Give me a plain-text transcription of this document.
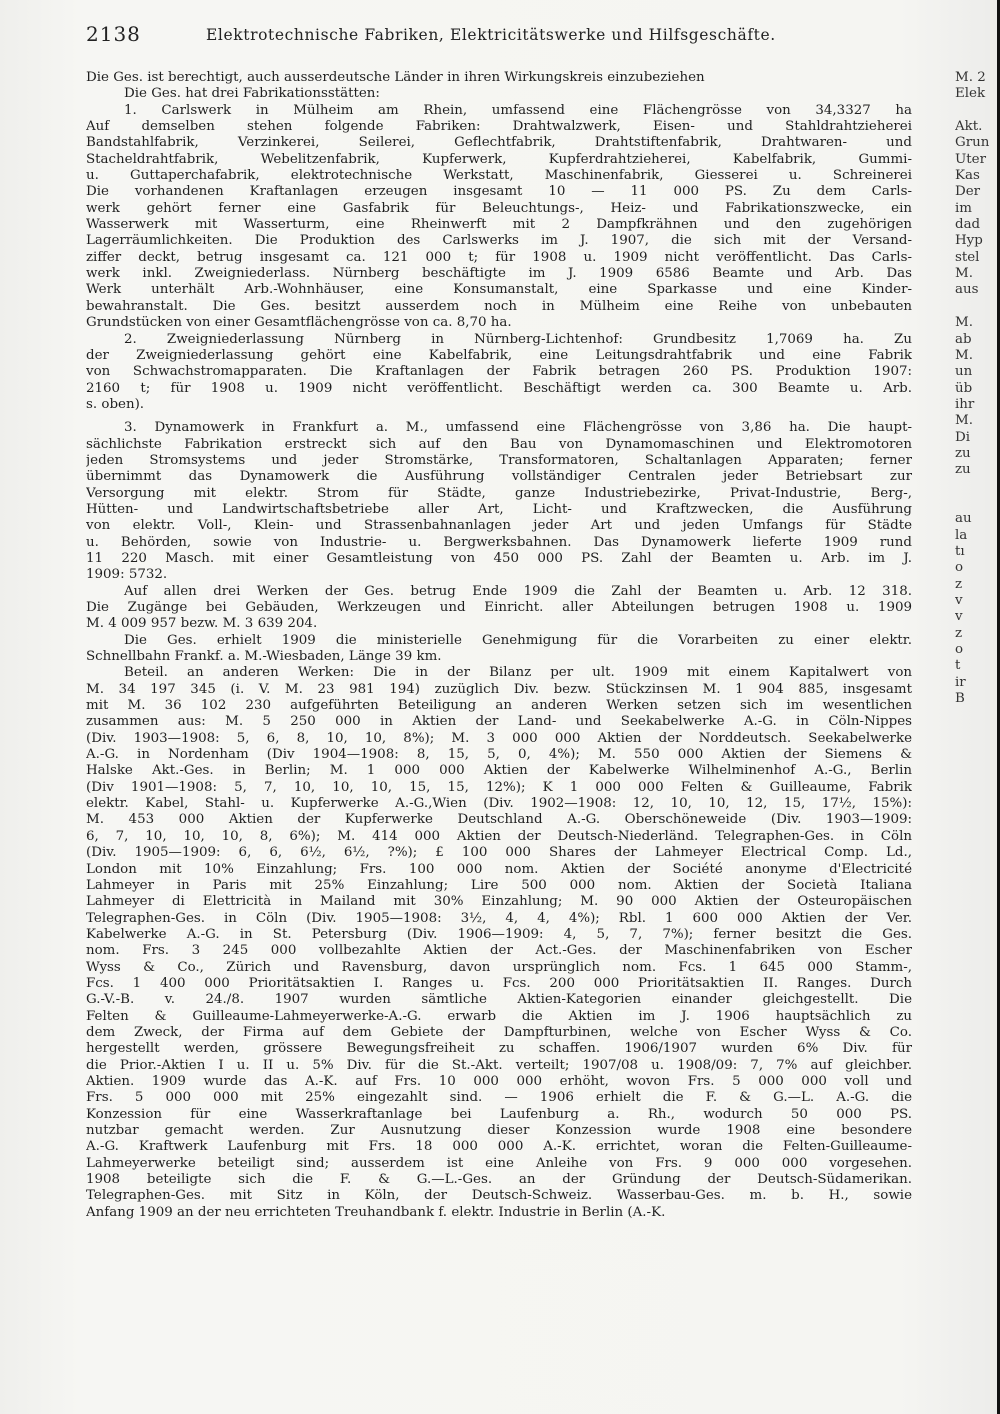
2138	Elektrotechnische Fabriken, Elektricitätswerke und Hilfsgeschäfte.
Die Ges. ist berechtigt, auch ausserdeutsche Länder in ihren Wirkungskreis einzubeziehen
Die Ges. hat drei Fabrikationsstätten:
1. Carlswerk in Mülheim am Rhein, umfassend eine Flächengrösse von 34,3327 ha
Auf demselben stehen folgende Fabriken: Drahtwalzwerk, Eisen- und Stahldrahtzieherei
Bandstahlfabrik, Verzinkerei, Seilerei, Geflechtfabrik, Drahtstiftenfabrik, Drahtwaren- und
Stacheldrahtfabrik, Webelitzenfabrik, Kupferwerk, Kupferdrahtzieherei, Kabelfabrik, Gummi-
u. Guttaperchafabrik, elektrotechnische Werkstatt, Maschinenfabrik, Giesserei u. Schreinerei
Die vorhandenen Kraftanlagen erzeugen insgesamt 10 — 11 000 PS. Zu dem Carls-
werk gehört ferner eine Gasfabrik für Beleuchtungs-, Heiz- und Fabrikationszwecke, ein
Wasserwerk mit Wasserturm, eine Rheinwerft mit 2 Dampfkrähnen und den zugehörigen
Lagerräumlichkeiten. Die Produktion des Carlswerks im J. 1907, die sich mit der Versand-
ziffer deckt, betrug insgesamt ca. 121 000 t; für 1908 u. 1909 nicht veröffentlicht. Das Carls-
werk inkl. Zweigniederlass. Nürnberg beschäftigte im J. 1909 6586 Beamte und Arb. Das
Werk unterhält Arb.-Wohnhäuser, eine Konsumanstalt, eine Sparkasse und eine Kinder-
bewahranstalt. Die Ges. besitzt ausserdem noch in Mülheim eine Reihe von unbebauten
Grundstücken von einer Gesamtflächengrösse von ca. 8,70 ha.
2. Zweigniederlassung Nürnberg in Nürnberg-Lichtenhof: Grundbesitz 1,7069 ha. Zu
der Zweigniederlassung gehört eine Kabelfabrik, eine Leitungsdrahtfabrik und eine Fabrik
von Schwachstromapparaten. Die Kraftanlagen der Fabrik betragen 260 PS. Produktion 1907:
2160 t; für 1908 u. 1909 nicht veröffentlicht. Beschäftigt werden ca. 300 Beamte u. Arb.
s. oben).
3. Dynamowerk in Frankfurt a. M., umfassend eine Flächengrösse von 3,86 ha. Die haupt-
sächlichste Fabrikation erstreckt sich auf den Bau von Dynamomaschinen und Elektromotoren
jeden Stromsystems und jeder Stromstärke, Transformatoren, Schaltanlagen Apparaten; ferner
übernimmt das Dynamowerk die Ausführung vollständiger Centralen jeder Betriebsart zur
Versorgung mit elektr. Strom für Städte, ganze Industriebezirke, Privat-Industrie, Berg-,
Hütten- und Landwirtschaftsbetriebe aller Art, Licht- und Kraftzwecken, die Ausführung
von elektr. Voll-, Klein- und Strassenbahnanlagen jeder Art und jeden Umfangs für Städte
u. Behörden, sowie von Industrie- u. Bergwerksbahnen. Das Dynamowerk lieferte 1909 rund
11 220 Masch. mit einer Gesamtleistung von 450 000 PS. Zahl der Beamten u. Arb. im J.
1909: 5732.
Auf allen drei Werken der Ges. betrug Ende 1909 die Zahl der Beamten u. Arb. 12 318.
Die Zugänge bei Gebäuden, Werkzeugen und Einricht. aller Abteilungen betrugen 1908 u. 1909
M. 4 009 957 bezw. M. 3 639 204.
Die Ges. erhielt 1909 die ministerielle Genehmigung für die Vorarbeiten zu einer elektr.
Schnellbahn Frankf. a. M.-Wiesbaden, Länge 39 km.
Beteil. an anderen Werken: Die in der Bilanz per ult. 1909 mit einem Kapitalwert von
M. 34 197 345 (i. V. M. 23 981 194) zuzüglich Div. bezw. Stückzinsen M. 1 904 885, insgesamt
mit M. 36 102 230 aufgeführten Beteiligung an anderen Werken setzen sich im wesentlichen
zusammen aus: M. 5 250 000 in Aktien der Land- und Seekabelwerke A.-G. in Cöln-Nippes
(Div. 1903—1908: 5, 6, 8, 10, 10, 8%); M. 3 000 000 Aktien der Norddeutsch. Seekabelwerke
A.-G. in Nordenham (Div 1904—1908: 8, 15, 5, 0, 4%); M. 550 000 Aktien der Siemens &
Halske Akt.-Ges. in Berlin; M. 1 000 000 Aktien der Kabelwerke Wilhelminenhof A.-G., Berlin
(Div 1901—1908: 5, 7, 10, 10, 10, 15, 15, 12%); K 1 000 000 Felten & Guilleaume, Fabrik
elektr. Kabel, Stahl- u. Kupferwerke A.-G.,Wien (Div. 1902—1908: 12, 10, 10, 12, 15, 17½, 15%):
M. 453 000 Aktien der Kupferwerke Deutschland A.-G. Oberschöneweide (Div. 1903—1909:
6, 7, 10, 10, 10, 8, 6%); M. 414 000 Aktien der Deutsch-Niederländ. Telegraphen-Ges. in Cöln
(Div. 1905—1909: 6, 6, 6½, 6½, ?%); £ 100 000 Shares der Lahmeyer Electrical Comp. Ld.,
London mit 10% Einzahlung; Frs. 100 000 nom. Aktien der Société anonyme d'Electricité
Lahmeyer in Paris mit 25% Einzahlung; Lire 500 000 nom. Aktien der Società Italiana
Lahmeyer di Elettricità in Mailand mit 30% Einzahlung; M. 90 000 Aktien der Osteuropäischen
Telegraphen-Ges. in Cöln (Div. 1905—1908: 3½, 4, 4, 4%); Rbl. 1 600 000 Aktien der Ver.
Kabelwerke A.-G. in St. Petersburg (Div. 1906—1909: 4, 5, 7, 7%); ferner besitzt die Ges.
nom. Frs. 3 245 000 vollbezahlte Aktien der Act.-Ges. der Maschinenfabriken von Escher
Wyss & Co., Zürich und Ravensburg, davon ursprünglich nom. Fcs. 1 645 000 Stamm-,
Fcs. 1 400 000 Prioritätsaktien I. Ranges u. Fcs. 200 000 Prioritätsaktien II. Ranges. Durch
G.-V.-B. v. 24./8. 1907 wurden sämtliche Aktien-Kategorien einander gleichgestellt. Die
Felten & Guilleaume-Lahmeyerwerke-A.-G. erwarb die Aktien im J. 1906 hauptsächlich zu
dem Zweck, der Firma auf dem Gebiete der Dampfturbinen, welche von Escher Wyss & Co.
hergestellt werden, grössere Bewegungsfreiheit zu schaffen. 1906/1907 wurden 6% Div. für
die Prior.-Aktien I u. II u. 5% Div. für die St.-Akt. verteilt; 1907/08 u. 1908/09: 7, 7% auf gleichber.
Aktien. 1909 wurde das A.-K. auf Frs. 10 000 000 erhöht, wovon Frs. 5 000 000 voll und
Frs. 5 000 000 mit 25% eingezahlt sind. — 1906 erhielt die F. & G.—L. A.-G. die
Konzession für eine Wasserkraftanlage bei Laufenburg a. Rh., wodurch 50 000 PS.
nutzbar gemacht werden. Zur Ausnutzung dieser Konzession wurde 1908 eine besondere
A.-G. Kraftwerk Laufenburg mit Frs. 18 000 000 A.-K. errichtet, woran die Felten-Guilleaume-
Lahmeyerwerke beteiligt sind; ausserdem ist eine Anleihe von Frs. 9 000 000 vorgesehen.
1908 beteiligte sich die F. & G.—L.-Ges. an der Gründung der Deutsch-Südamerikan.
Telegraphen-Ges. mit Sitz in Köln, der Deutsch-Schweiz. Wasserbau-Ges. m. b. H., sowie
Anfang 1909 an der neu errichteten Treuhandbank f. elektr. Industrie in Berlin (A.-K.
M. 2
Elek
Akt.
Grun
Uter
Kas
Der
im
dad
Hyp
stel
M.
aus
M.
ab
M.
un
üb
ihr
M.
Di
zu
zu
au
la
tı
o
z
v
v
z
o
t
ir
B
